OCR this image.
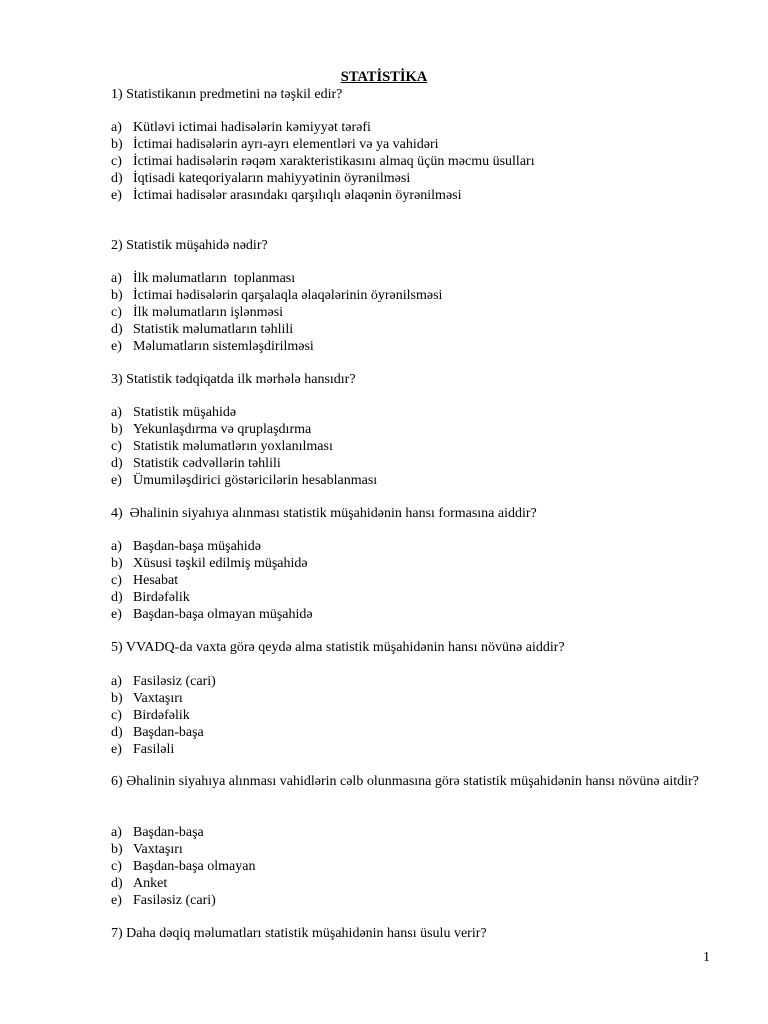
STATİSTİKA
1) Statistikanın predmetini nə təşkil edir?
a) Kütləvi ictimai hadisələrin kəmiyyət tərəfi
b) İctimai hadisələrin ayrı-ayrı elementləri və ya vahidəri
c) İctimai hadisələrin rəqəm xarakteristikasını almaq üçün məcmu üsulları
d) İqtisadi kateqoriyaların mahiyyətinin öyrənilməsi
e) İctimai hadisələr arasındakı qarşılıqlı əlaqənin öyrənilməsi
2) Statistik müşahidə nədir?
a) İlk məlumatların  toplanması
b) İctimai hədisələrin qarşalaqla əlaqələrinin öyrənilsməsi
c) İlk məlumatların işlənməsi
d) Statistik məlumatların təhlili
e) Məlumatların sistemləşdirilməsi
3) Statistik tədqiqatda ilk mərhələ hansıdır?
a) Statistik müşahidə
b) Yekunlaşdırma və qruplaşdırma
c) Statistik məlumatlərın yoxlanılması
d) Statistik cədvəllərin təhlili
e) Ümumiləşdirici göstəricilərin hesablanması
4)  Əhalinin siyahıya alınması statistik müşahidənin hansı formasına aiddir?
a) Başdan-başa müşahidə
b) Xüsusi təşkil edilmiş müşahidə
c) Hesabat
d) Birdəfəlik
e) Başdan-başa olmayan müşahidə
5) VVADQ-da vaxta görə qeydə alma statistik müşahidənin hansı növünə aiddir?
a) Fasiləsiz (cari)
b) Vaxtaşırı
c) Birdəfəlik
d) Başdan-başa
e) Fasiləli
6) Əhalinin siyahıya alınması vahidlərin cəlb olunmasına görə statistik müşahidənin hansı növünə aitdir?
a) Başdan-başa
b) Vaxtaşırı
c) Başdan-başa olmayan
d) Anket
e) Fasiləsiz (cari)
7) Daha dəqiq məlumatları statistik müşahidənin hansı üsulu verir?
1
